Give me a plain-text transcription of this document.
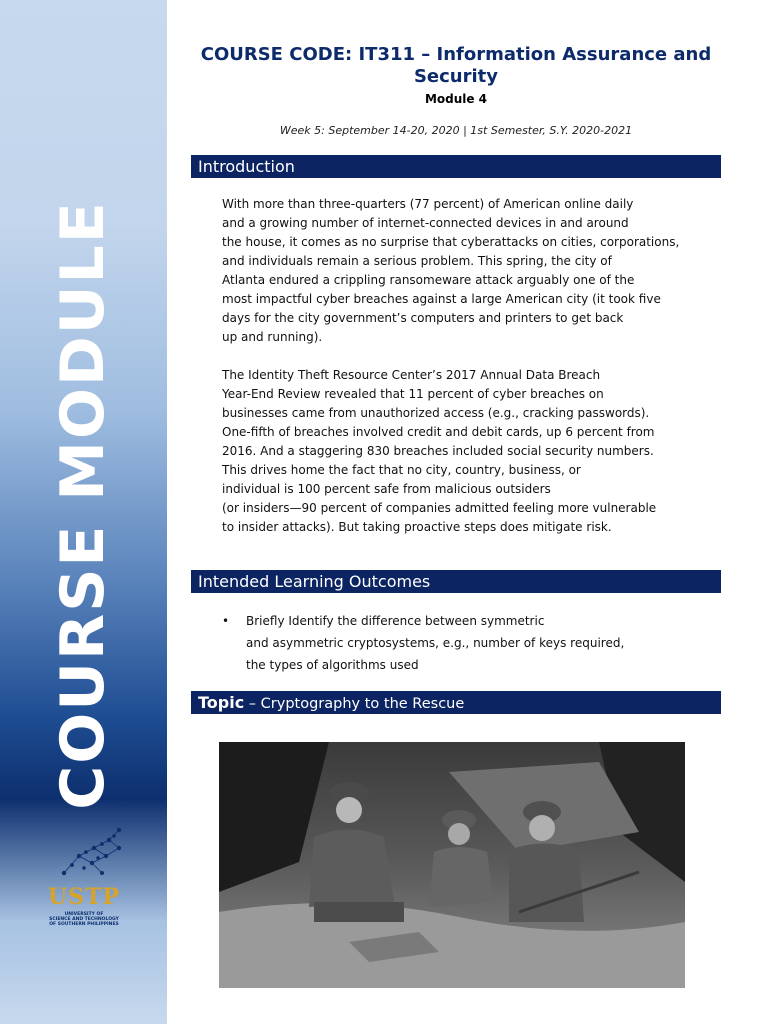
COURSE MODULE
USTP
UNIVERSITY OF
SCIENCE AND TECHNOLOGY
OF SOUTHERN PHILIPPINES
COURSE CODE: IT311 – Information Assurance and
Security
Module 4
Week 5: September 14-20, 2020 | 1st Semester, S.Y. 2020-2021
Introduction
With more than three-quarters (77 percent) of American online daily
and a growing number of internet-connected devices in and around
the house, it comes as no surprise that cyberattacks on cities, corporations,
and individuals remain a serious problem. This spring, the city of
Atlanta endured a crippling ransomeware attack arguably one of the
most impactful cyber breaches against a large American city (it took five
days for the city government’s computers and printers to get back
up and running).
The Identity Theft Resource Center’s 2017 Annual Data Breach
Year-End Review revealed that 11 percent of cyber breaches on
businesses came from unauthorized access (e.g., cracking passwords).
One-fifth of breaches involved credit and debit cards, up 6 percent from
2016. And a staggering 830 breaches included social security numbers.
This drives home the fact that no city, country, business, or
individual is 100 percent safe from malicious outsiders
(or insiders—90 percent of companies admitted feeling more vulnerable
to insider attacks). But taking proactive steps does mitigate risk.
Intended Learning Outcomes
• Briefly Identify the difference between symmetric
and asymmetric cryptosystems, e.g., number of keys required,
the types of algorithms used
Topic – Cryptography to the Rescue
